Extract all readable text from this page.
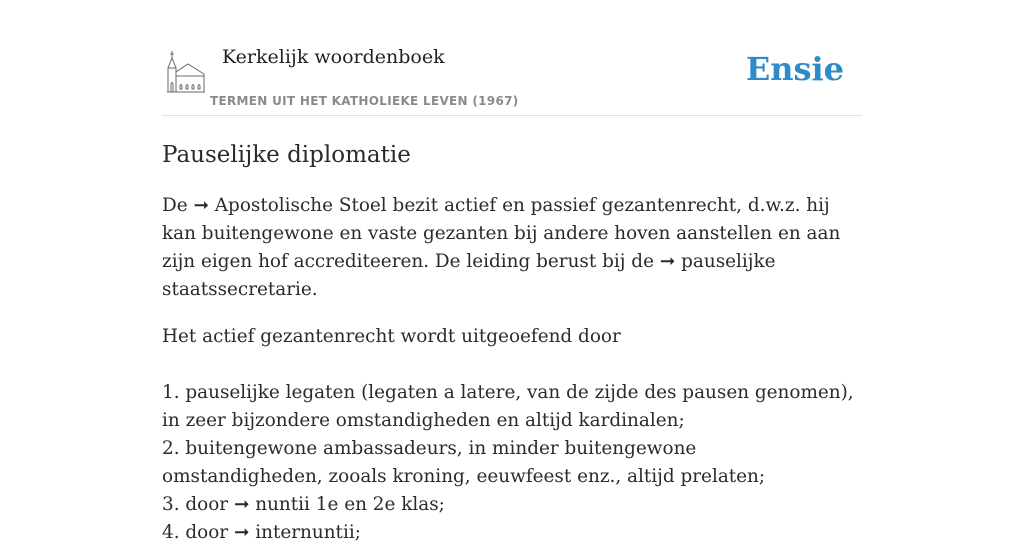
Kerkelijk woordenboek
TERMEN UIT HET KATHOLIEKE LEVEN (1967)
Ensie
Pauselijke diplomatie

De ➞ Apostolische Stoel bezit actief en passief gezantenrecht, d.w.z. hij kan buitengewone en vaste gezanten bij andere hoven aanstellen en aan zijn eigen hof accrediteeren. De leiding berust bij de ➞ pauselijke staatssecretarie.

Het actief gezantenrecht wordt uitgeoefend door

1. pauselijke legaten (legaten a latere, van de zijde des pausen genomen), in zeer bijzondere omstandigheden en altijd kardinalen;

2. buitengewone ambassadeurs, in minder buitengewone omstandigheden, zooals kroning, eeuwfeest enz., altijd prelaten;

3. door ➞ nuntii 1e en 2e klas;

4. door ➞ internuntii;
